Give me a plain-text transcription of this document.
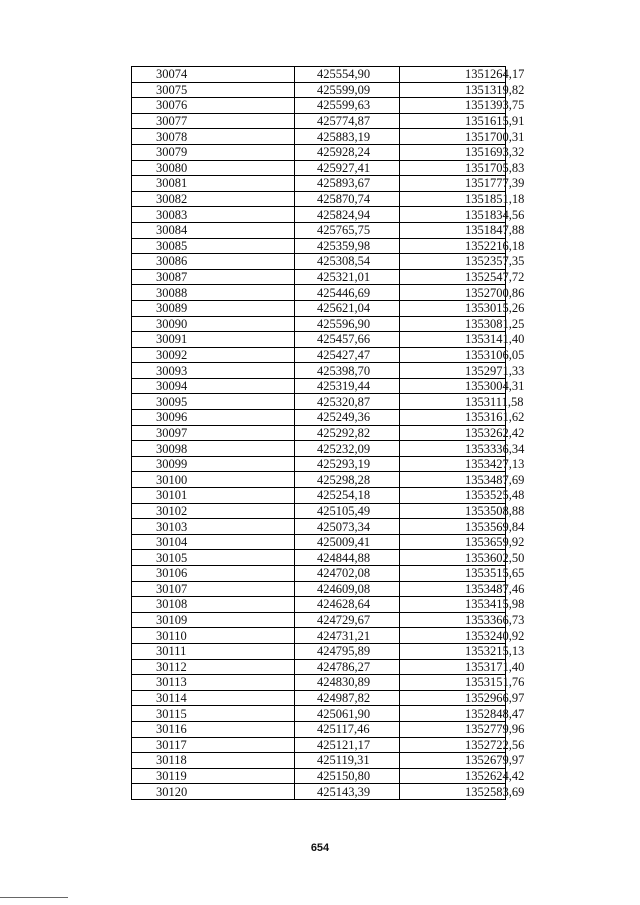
30074	425554,90	1351264,17
30075	425599,09	1351319,82
30076	425599,63	1351393,75
30077	425774,87	1351615,91
30078	425883,19	1351700,31
30079	425928,24	1351693,32
30080	425927,41	1351705,83
30081	425893,67	1351777,39
30082	425870,74	1351851,18
30083	425824,94	1351834,56
30084	425765,75	1351847,88
30085	425359,98	1352216,18
30086	425308,54	1352357,35
30087	425321,01	1352547,72
30088	425446,69	1352700,86
30089	425621,04	1353015,26
30090	425596,90	1353081,25
30091	425457,66	1353141,40
30092	425427,47	1353106,05
30093	425398,70	1352971,33
30094	425319,44	1353004,31
30095	425320,87	1353111,58
30096	425249,36	1353161,62
30097	425292,82	1353262,42
30098	425232,09	1353336,34
30099	425293,19	1353427,13
30100	425298,28	1353487,69
30101	425254,18	1353525,48
30102	425105,49	1353508,88
30103	425073,34	1353569,84
30104	425009,41	1353659,92
30105	424844,88	1353602,50
30106	424702,08	1353515,65
30107	424609,08	1353487,46
30108	424628,64	1353415,98
30109	424729,67	1353366,73
30110	424731,21	1353240,92
30111	424795,89	1353215,13
30112	424786,27	1353171,40
30113	424830,89	1353151,76
30114	424987,82	1352966,97
30115	425061,90	1352848,47
30116	425117,46	1352779,96
30117	425121,17	1352722,56
30118	425119,31	1352679,97
30119	425150,80	1352624,42
30120	425143,39	1352583,69
654
